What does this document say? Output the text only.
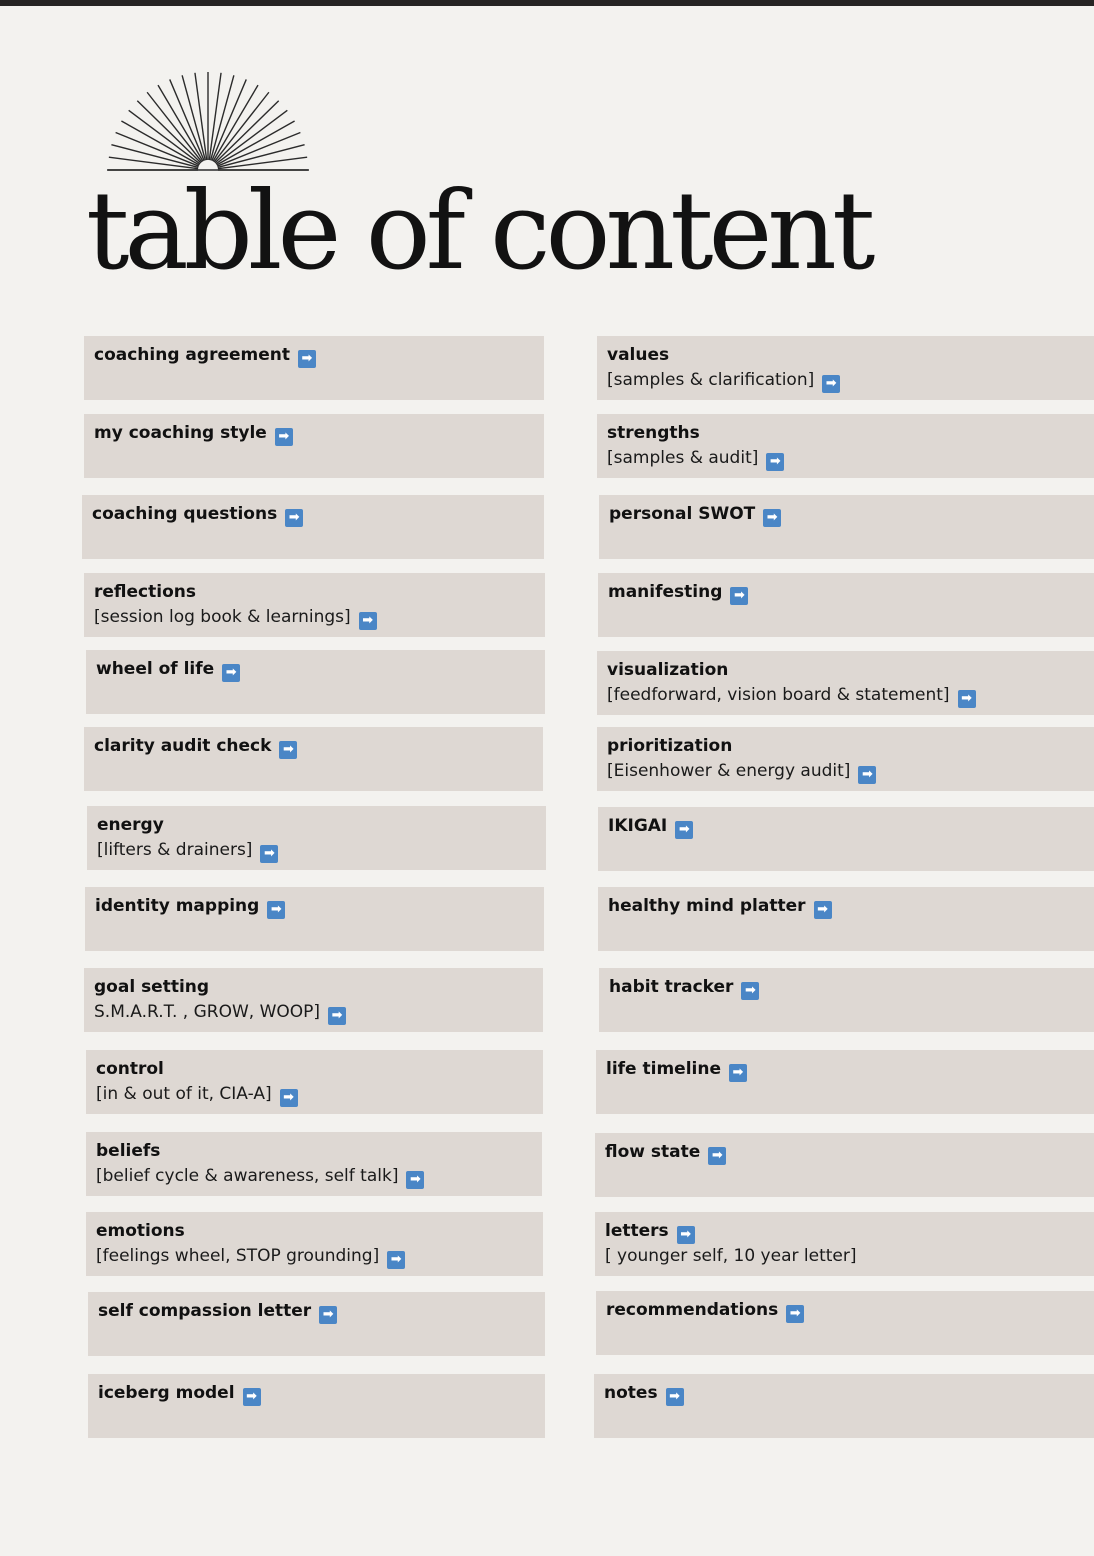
table of content
coaching agreement ➡
my coaching style ➡
coaching questions ➡
reflections
[session log book & learnings] ➡
wheel of life ➡
clarity audit check ➡
energy
[lifters & drainers] ➡
identity mapping ➡
goal setting
S.M.A.R.T. , GROW, WOOP] ➡
control
[in & out of it, CIA-A] ➡
beliefs
[belief cycle & awareness, self talk] ➡
emotions
[feelings wheel, STOP grounding] ➡
self compassion letter ➡
iceberg model ➡
values
[samples & clarification] ➡
strengths
[samples & audit] ➡
personal SWOT ➡
manifesting ➡
visualization
[feedforward, vision board & statement] ➡
prioritization
[Eisenhower & energy audit] ➡
IKIGAI ➡
healthy mind platter ➡
habit tracker ➡
life timeline ➡
flow state ➡
letters ➡
[ younger self, 10 year letter]
recommendations ➡
notes ➡
